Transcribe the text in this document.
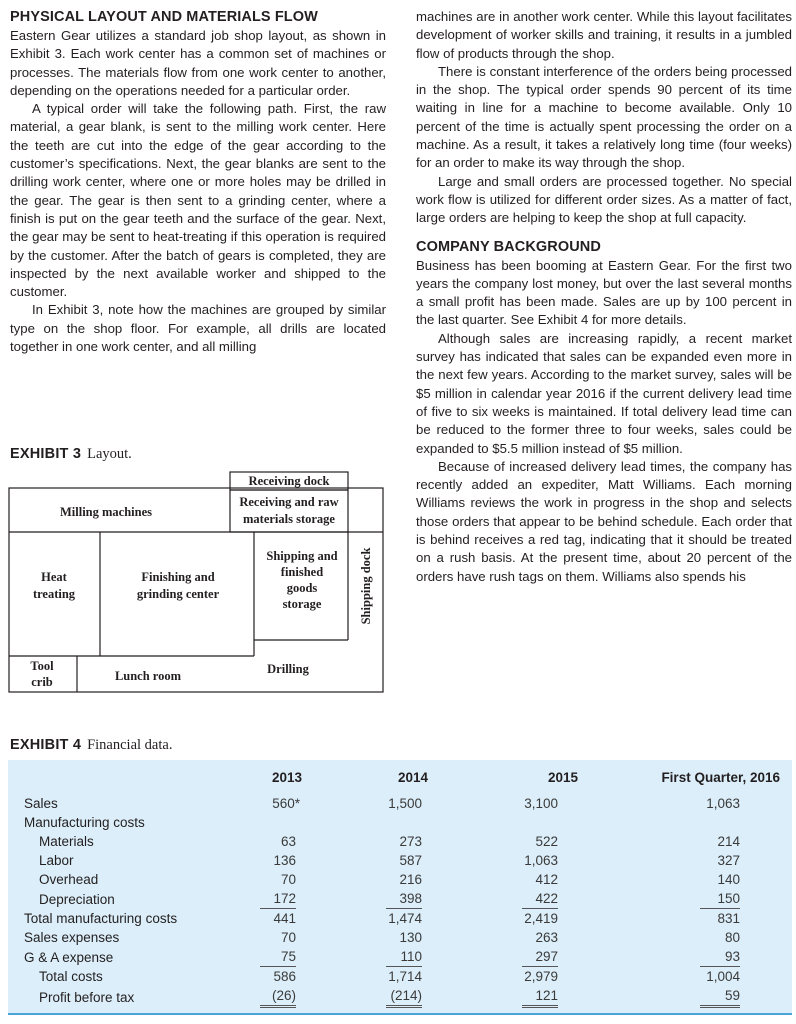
PHYSICAL LAYOUT AND MATERIALS FLOW

Eastern Gear utilizes a standard job shop layout, as shown in Exhibit 3. Each work center has a common set of machines or processes. The materials flow from one work center to another, depending on the operations needed for a particular order.

A typical order will take the following path. First, the raw material, a gear blank, is sent to the milling work center. Here the teeth are cut into the edge of the gear according to the customer’s specifications. Next, the gear blanks are sent to the drilling work center, where one or more holes may be drilled in the gear. The gear is then sent to a grinding center, where a finish is put on the gear teeth and the surface of the gear. Next, the gear may be sent to heat-treating if this operation is required by the customer. After the batch of gears is completed, they are inspected by the next available worker and shipped to the customer.

In Exhibit 3, note how the machines are grouped by similar type on the shop floor. For example, all drills are located together in one work center, and all milling

machines are in another work center. While this layout facilitates development of worker skills and training, it results in a jumbled flow of products through the shop.

There is constant interference of the orders being processed in the shop. The typical order spends 90 percent of its time waiting in line for a machine to become available. Only 10 percent of the time is actually spent processing the order on a machine. As a result, it takes a relatively long time (four weeks) for an order to make its way through the shop.

Large and small orders are processed together. No special work flow is utilized for different order sizes. As a matter of fact, large orders are helping to keep the shop at full capacity.

COMPANY BACKGROUND

Business has been booming at Eastern Gear. For the first two years the company lost money, but over the last several months a small profit has been made. Sales are up by 100 percent in the last quarter. See Exhibit 4 for more details.

Although sales are increasing rapidly, a recent market survey has indicated that sales can be expanded even more in the next few years. According to the market survey, sales will be $5 million in calendar year 2016 if the current delivery lead time of five to six weeks is maintained. If total delivery lead time can be reduced to the former three to four weeks, sales could be expanded to $5.5 million instead of $5 million.

Because of increased delivery lead times, the company has recently added an expediter, Matt Williams. Each morning Williams reviews the work in progress in the shop and selects those orders that appear to be behind schedule. Each order that is behind receives a red tag, indicating that it should be treated on a rush basis. At the present time, about 20 percent of the orders have rush tags on them. Williams also spends his

EXHIBIT 3 Layout.
Milling machines
Receiving dock
Receiving and raw
materials storage
Heat
treating
Finishing and
grinding center
Shipping and
finished
goods
storage	Shipping dock
Tool
crib	Lunch room	Drilling
EXHIBIT 4 Financial data.
	2013	2014	2015	First Quarter, 2016
Sales	560*	1,500	3,100	1,063
Manufacturing costs				
Materials	63	273	522	214
Labor	136	587	1,063	327
Overhead	70	216	412	140
Depreciation	172	398	422	150
Total manufacturing costs	441	1,474	2,419	831
Sales expenses	70	130	263	80
G & A expense	75	110	297	93
Total costs	586	1,714	2,979	1,004
Profit before tax	(26)	(214)	121	59
